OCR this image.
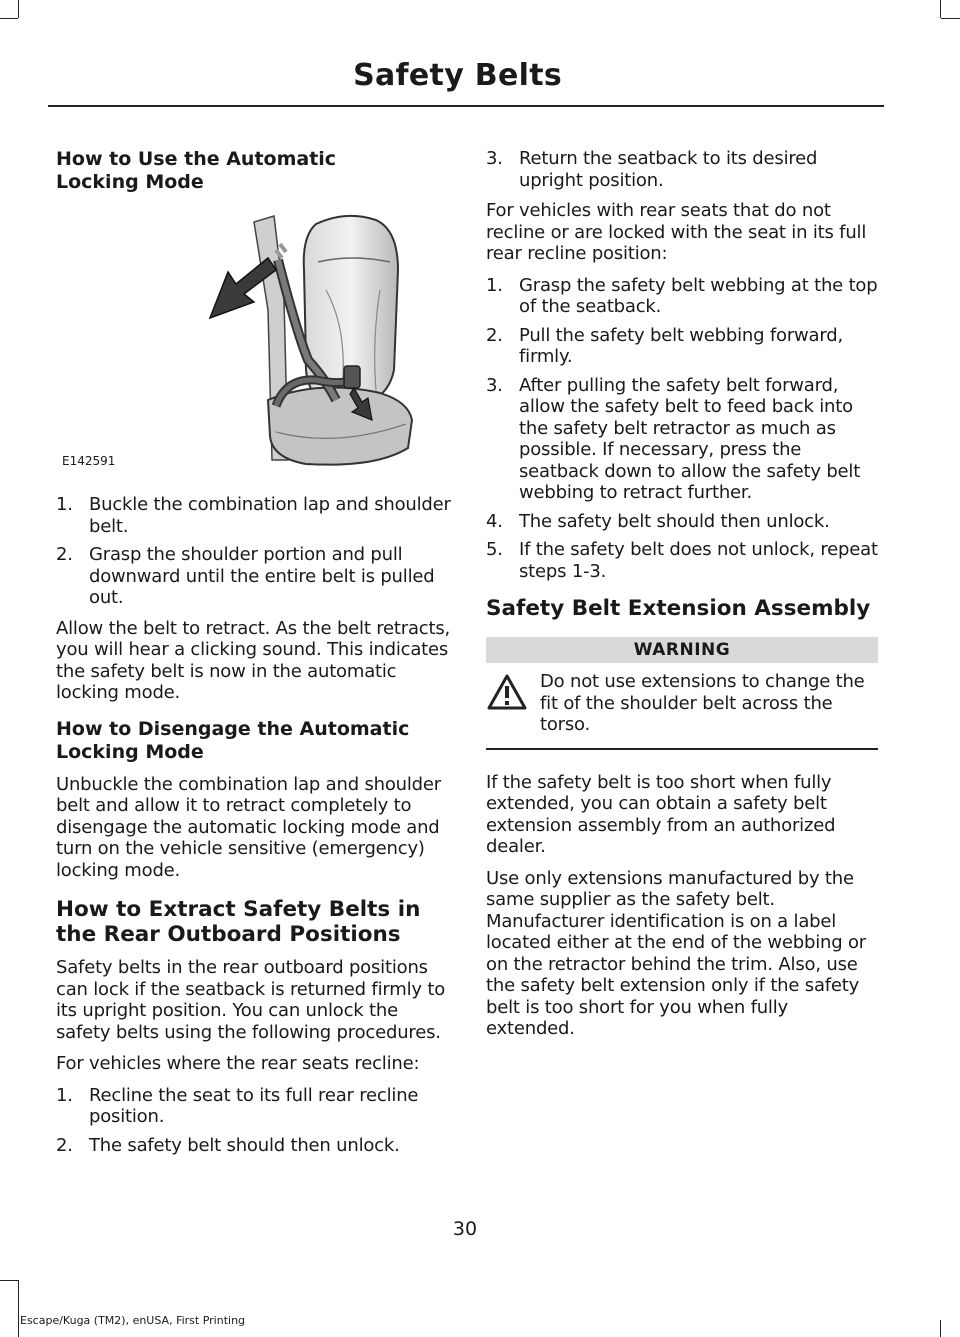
Safety Belts
How to Use the Automatic Locking Mode
E142591
1. Buckle the combination lap and shoulder belt.
2. Grasp the shoulder portion and pull downward until the entire belt is pulled out.

Allow the belt to retract. As the belt retracts, you will hear a clicking sound. This indicates the safety belt is now in the automatic locking mode.

How to Disengage the Automatic Locking Mode

Unbuckle the combination lap and shoulder belt and allow it to retract completely to disengage the automatic locking mode and turn on the vehicle sensitive (emergency) locking mode.

How to Extract Safety Belts in the Rear Outboard Positions

Safety belts in the rear outboard positions can lock if the seatback is returned firmly to its upright position. You can unlock the safety belts using the following procedures.

For vehicles where the rear seats recline:

1. Recline the seat to its full rear recline position.
2. The safety belt should then unlock.
3. Return the seatback to its desired upright position.

For vehicles with rear seats that do not recline or are locked with the seat in its full rear recline position:

1. Grasp the safety belt webbing at the top of the seatback.
2. Pull the safety belt webbing forward, firmly.
3. After pulling the safety belt forward, allow the safety belt to feed back into the safety belt retractor as much as possible. If necessary, press the seatback down to allow the safety belt webbing to retract further.
4. The safety belt should then unlock.
5. If the safety belt does not unlock, repeat steps 1-3.
Safety Belt Extension Assembly
WARNING

Do not use extensions to change the fit of the shoulder belt across the torso.

If the safety belt is too short when fully extended, you can obtain a safety belt extension assembly from an authorized dealer.

Use only extensions manufactured by the same supplier as the safety belt. Manufacturer identification is on a label located either at the end of the webbing or on the retractor behind the trim. Also, use the safety belt extension only if the safety belt is too short for you when fully extended.

30
Escape/Kuga (TM2), enUSA, First Printing
